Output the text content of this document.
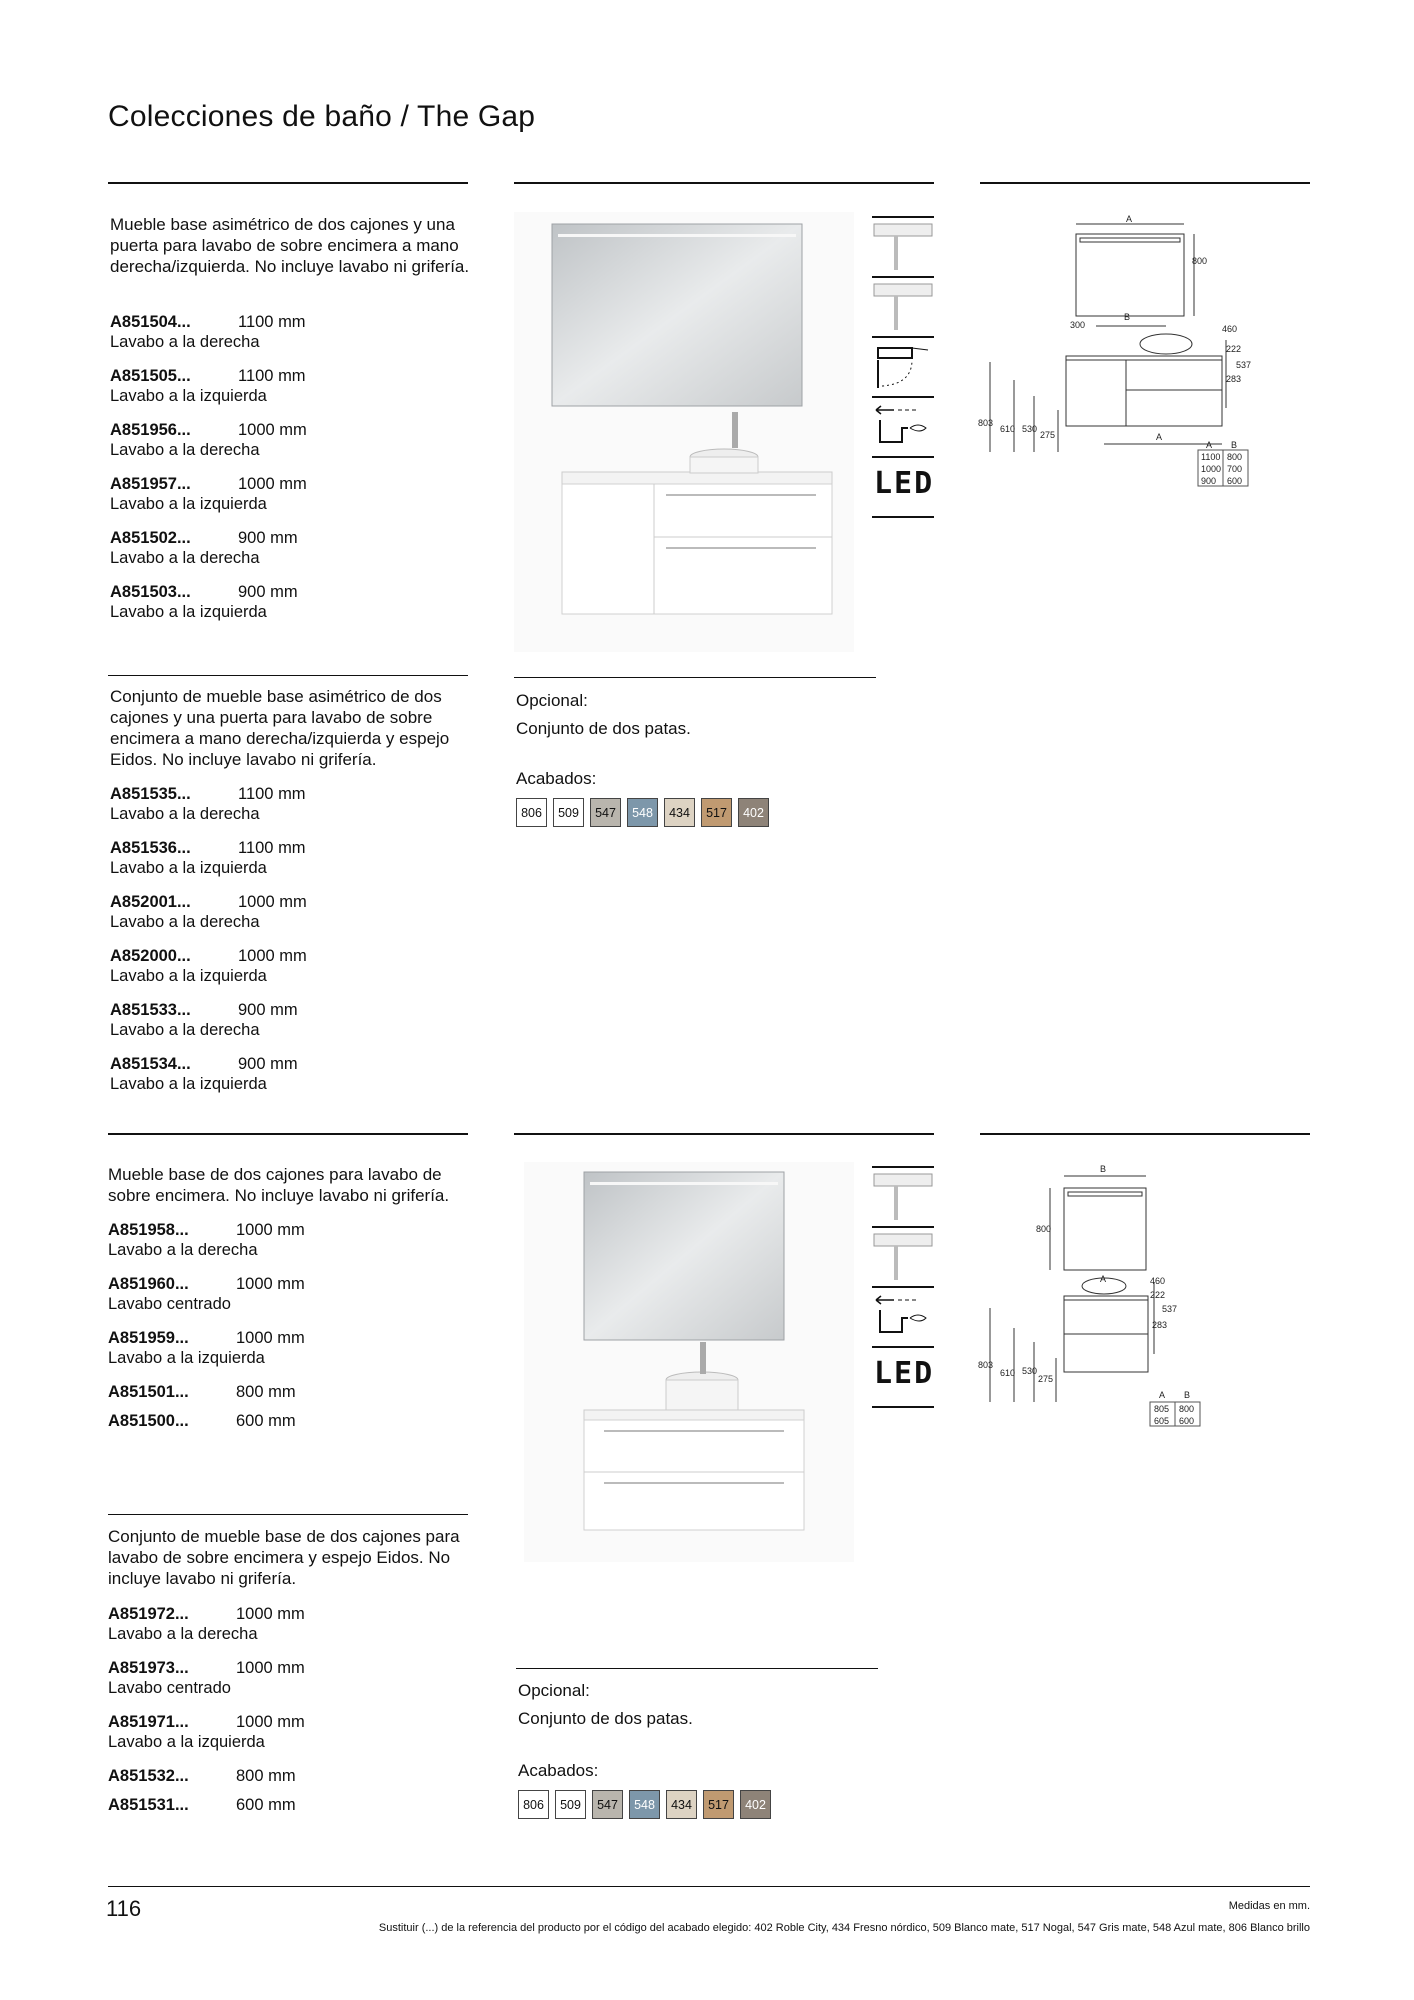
Colecciones de baño / The Gap
Mueble base asimétrico de dos cajones y una puerta para lavabo de sobre encimera a mano derecha/izquierda. No incluye lavabo ni grifería.
A851504...	1100 mm
Lavabo a la derecha
A851505...	1100 mm
Lavabo a la izquierda
A851956...	1000 mm
Lavabo a la derecha
A851957...	1000 mm
Lavabo a la izquierda
A851502...	900 mm
Lavabo a la derecha
A851503...	900 mm
Lavabo a la izquierda
LED
A
800
B
300	460
222
537
283
803
610 530
275	A
A B
1100 800
1000 700
900 600
Opcional:
Conjunto de dos patas.
Acabados:
806	509	547	548	434	517	402
Conjunto de mueble base asimétrico de dos cajones y una puerta para lavabo de sobre encimera a mano derecha/izquierda y espejo Eidos. No incluye lavabo ni grifería.
A851535...	1100 mm
Lavabo a la derecha
A851536...	1100 mm
Lavabo a la izquierda
A852001...	1000 mm
Lavabo a la derecha
A852000...	1000 mm
Lavabo a la izquierda
A851533...	900 mm
Lavabo a la derecha
A851534...	900 mm
Lavabo a la izquierda
Mueble base de dos cajones para lavabo de sobre encimera. No incluye lavabo ni grifería.
A851958...	1000 mm
Lavabo a la derecha
A851960...	1000 mm
Lavabo centrado
A851959...	1000 mm
Lavabo a la izquierda
A851501...	800 mm
A851500...	600 mm
LED
B
800
A	460
222
537
283
803
610 530
275
A B
805 800
605 600
Conjunto de mueble base de dos cajones para lavabo de sobre encimera y espejo Eidos. No incluye lavabo ni grifería.
A851972...	1000 mm
Lavabo a la derecha
A851973...	1000 mm
Lavabo centrado
A851971...	1000 mm
Lavabo a la izquierda
A851532...	800 mm
A851531...	600 mm
Opcional:
Conjunto de dos patas.
Acabados:
806	509	547	548	434	517	402
116	Medidas en mm.
Sustituir (...) de la referencia del producto por el código del acabado elegido: 402 Roble City, 434 Fresno nórdico, 509 Blanco mate, 517 Nogal, 547 Gris mate, 548 Azul mate, 806 Blanco brillo
